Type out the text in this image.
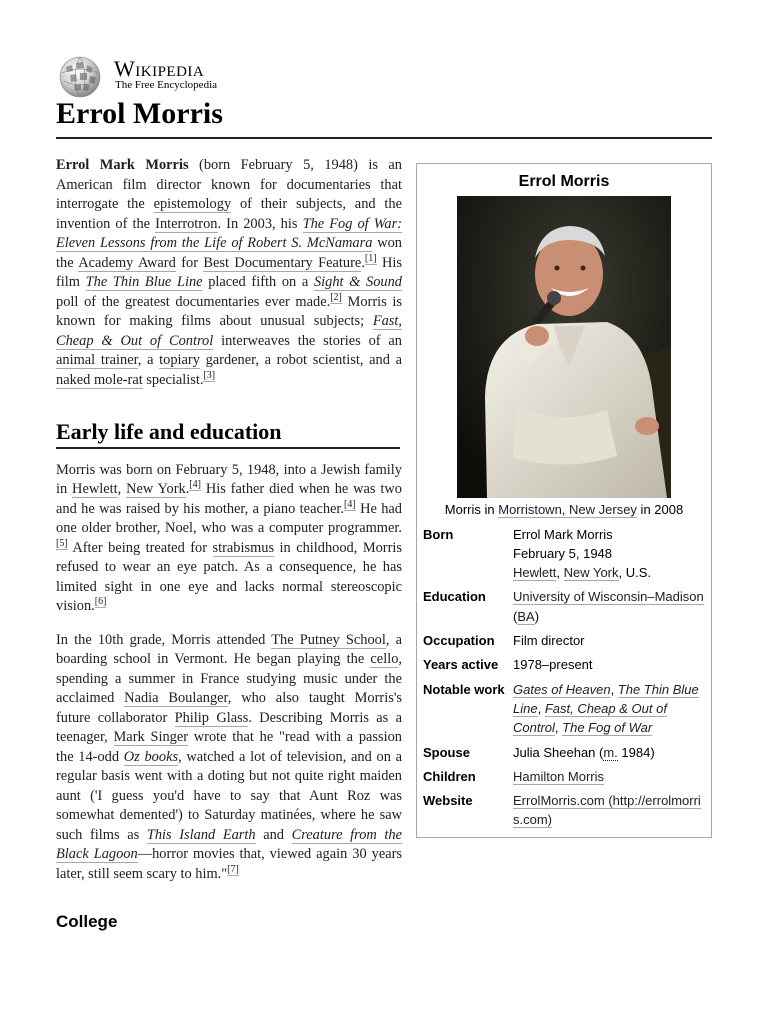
Wikipedia
The Free Encyclopedia
Errol Morris
Errol Morris
Morris in Morristown, New Jersey in 2008
Born	Errol Mark Morris
February 5, 1948
Hewlett, New York, U.S.

Education	University of Wisconsin–Madison (BA)
Occupation	Film director
Years active	1978–present
Notable work	Gates of Heaven, The Thin Blue Line, Fast, Cheap & Out of Control, The Fog of War
Spouse	Julia Sheehan (m. 1984)
Children	Hamilton Morris
Website	ErrolMorris.com (http://errolmorris.com)

Errol Mark Morris (born February 5, 1948) is an American film director known for documentaries that interrogate the epistemology of their subjects, and the invention of the Interrotron. In 2003, his The Fog of War: Eleven Lessons from the Life of Robert S. McNamara won the Academy Award for Best Documentary Feature.[1] His film The Thin Blue Line placed fifth on a Sight & Sound poll of the greatest documentaries ever made.[2] Morris is known for making films about unusual subjects; Fast, Cheap & Out of Control interweaves the stories of an animal trainer, a topiary gardener, a robot scientist, and a naked mole-rat specialist.[3]

Early life and education

Morris was born on February 5, 1948, into a Jewish family in Hewlett, New York.[4] His father died when he was two and he was raised by his mother, a piano teacher.[4] He had one older brother, Noel, who was a computer programmer.[5] After being treated for strabismus in childhood, Morris refused to wear an eye patch. As a consequence, he has limited sight in one eye and lacks normal stereoscopic vision.[6]

In the 10th grade, Morris attended The Putney School, a boarding school in Vermont. He began playing the cello, spending a summer in France studying music under the acclaimed Nadia Boulanger, who also taught Morris's future collaborator Philip Glass. Describing Morris as a teenager, Mark Singer wrote that he "read with a passion the 14-odd Oz books, watched a lot of television, and on a regular basis went with a doting but not quite right maiden aunt ('I guess you'd have to say that Aunt Roz was somewhat demented') to Saturday matinées, where he saw such films as This Island Earth and Creature from the Black Lagoon—horror movies that, viewed again 30 years later, still seem scary to him."[7]

College
